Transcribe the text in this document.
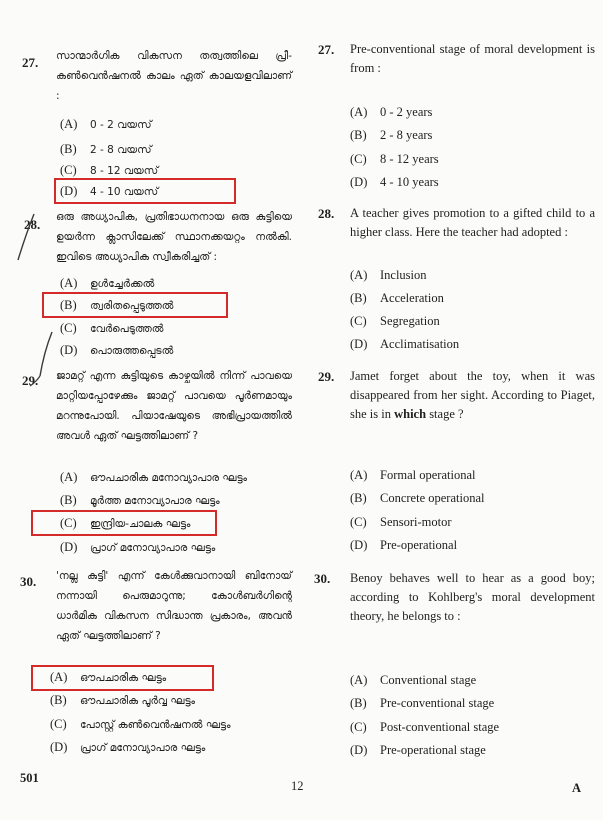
27. സാന്മാർഗിക വികസന തത്വത്തിലെ പ്രീ-കൺവെൻഷനൽ കാലം ഏത് കാലയളവിലാണ് :
(A) 0 - 2 വയസ്
(B) 2 - 8 വയസ്
(C) 8 - 12 വയസ്
(D) 4 - 10 വയസ്
28. ഒരു അധ്യാപിക, പ്രതിഭാധനനായ ഒരു കുട്ടിയെ ഉയർന്ന ക്ലാസിലേക്ക് സ്ഥാനക്കയറ്റം നൽകി. ഇവിടെ അധ്യാപിക സ്വീകരിച്ചത് :
(A) ഉൾച്ചേർക്കൽ
(B) ത്വരിതപ്പെടുത്തൽ
(C) വേർപെടുത്തൽ
(D) പൊരുത്തപ്പെടൽ
29. ജാമറ്റ് എന്ന കുട്ടിയുടെ കാഴ്ചയിൽ നിന്ന് പാവയെ മാറ്റിയപ്പോഴേക്കും ജാമറ്റ് പാവയെ പൂർണമായും മറന്നുപോയി. പിയാഷേയുടെ അഭിപ്രായത്തിൽ അവൾ ഏത് ഘട്ടത്തിലാണ് ?
(A) ഔപചാരിക മനോവ്യാപാര ഘട്ടം
(B) മൂർത്ത മനോവ്യാപാര ഘട്ടം
(C) ഇന്ദ്രിയ-ചാലക ഘട്ടം
(D) പ്രാഗ് മനോവ്യാപാര ഘട്ടം
30. 'നല്ല കുട്ടി' എന്ന് കേൾക്കുവാനായി ബിനോയ് നന്നായി പെരുമാറുന്നു; കോൾബർഗിന്റെ ധാർമിക വികസന സിദ്ധാന്ത പ്രകാരം, അവൻ ഏത് ഘട്ടത്തിലാണ് ?
(A) ഔപചാരിക ഘട്ടം
(B) ഔപചാരിക പൂർവ്വ ഘട്ടം
(C) പോസ്റ്റ് കൺവെൻഷനൽ ഘട്ടം
(D) പ്രാഗ് മനോവ്യാപാര ഘട്ടം
27. Pre-conventional stage of moral development is from :
(A) 0 - 2 years
(B) 2 - 8 years
(C) 8 - 12 years
(D) 4 - 10 years
28. A teacher gives promotion to a gifted child to a higher class. Here the teacher had adopted :
(A) Inclusion
(B) Acceleration
(C) Segregation
(D) Acclimatisation
29. Jamet forget about the toy, when it was disappeared from her sight. According to Piaget, she is in which stage ?
(A) Formal operational
(B) Concrete operational
(C) Sensori-motor
(D) Pre-operational
30. Benoy behaves well to hear as a good boy; according to Kohlberg's moral development theory, he belongs to :
(A) Conventional stage
(B) Pre-conventional stage
(C) Post-conventional stage
(D) Pre-operational stage
501
12	A
